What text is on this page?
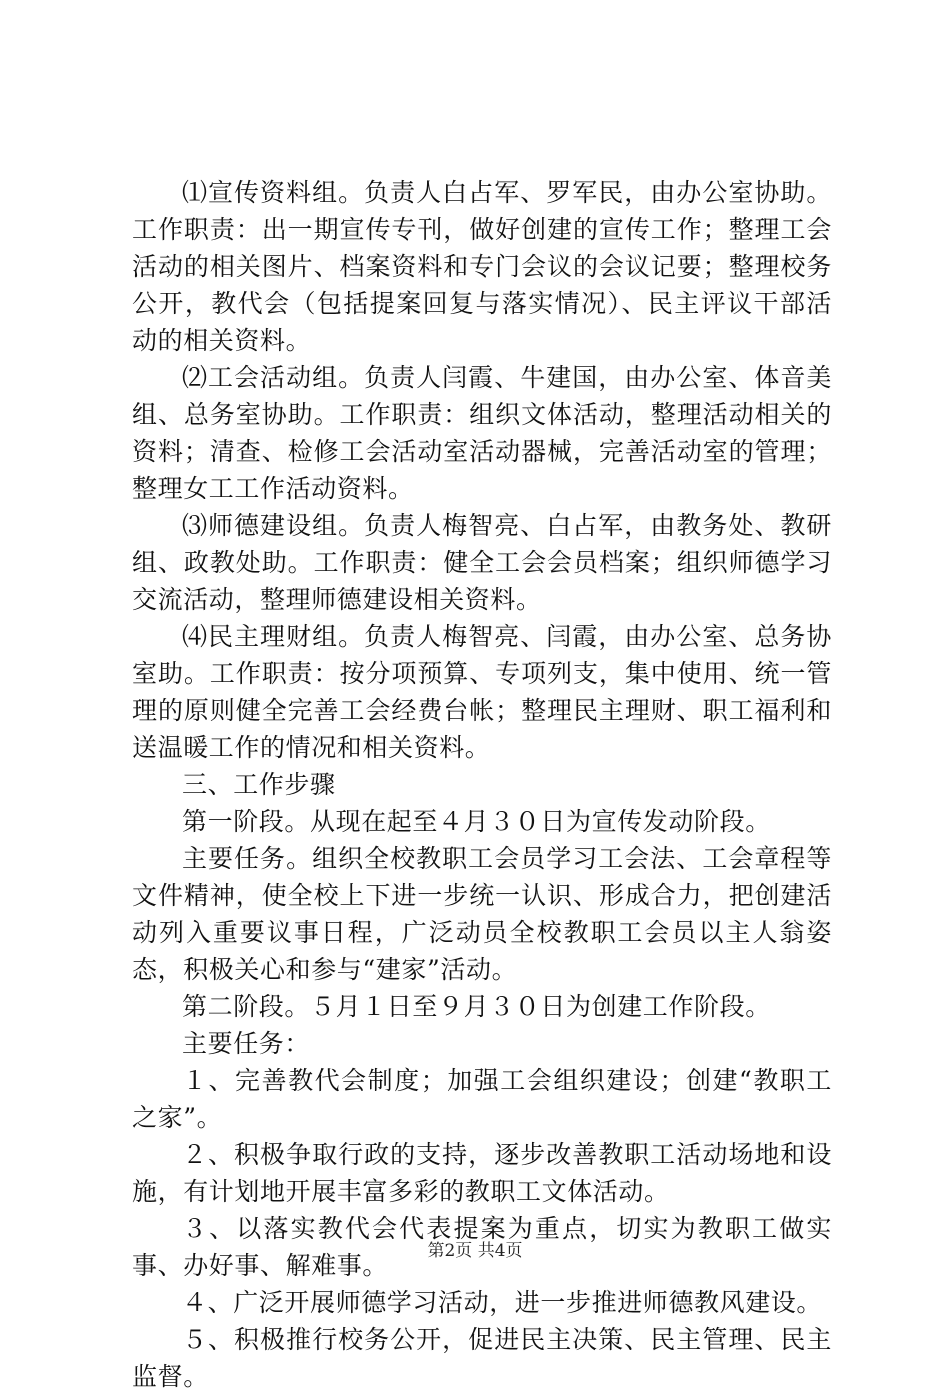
⑴宣传资料组。负责人白占军、罗军民，由办公室协助。工作职责：出一期宣传专刊，做好创建的宣传工作；整理工会活动的相关图片、档案资料和专门会议的会议记要；整理校务公开，教代会（包括提案回复与落实情况）、民主评议干部活动的相关资料。

⑵工会活动组。负责人闫霞、牛建国，由办公室、体音美组、总务室协助。工作职责：组织文体活动，整理活动相关的资料；清查、检修工会活动室活动器械，完善活动室的管理；整理女工工作活动资料。

⑶师德建设组。负责人梅智亮、白占军，由教务处、教研组、政教处助。工作职责：健全工会会员档案；组织师德学习交流活动，整理师德建设相关资料。

⑷民主理财组。负责人梅智亮、闫霞，由办公室、总务协室助。工作职责：按分项预算、专项列支，集中使用、统一管理的原则健全完善工会经费台帐；整理民主理财、职工福利和送温暖工作的情况和相关资料。

三、工作步骤

第一阶段。从现在起至４月３０日为宣传发动阶段。

主要任务。组织全校教职工会员学习工会法、工会章程等文件精神，使全校上下进一步统一认识、形成合力，把创建活动列入重要议事日程，广泛动员全校教职工会员以主人翁姿态，积极关心和参与“建家”活动。

第二阶段。５月１日至９月３０日为创建工作阶段。

主要任务：

１、完善教代会制度；加强工会组织建设；创建“教职工之家”。

２、积极争取行政的支持，逐步改善教职工活动场地和设施，有计划地开展丰富多彩的教职工文体活动。

３、以落实教代会代表提案为重点，切实为教职工做实事、办好事、解难事。

４、广泛开展师德学习活动，进一步推进师德教风建设。

５、积极推行校务公开，促进民主决策、民主管理、民主监督。

第2页 共4页
